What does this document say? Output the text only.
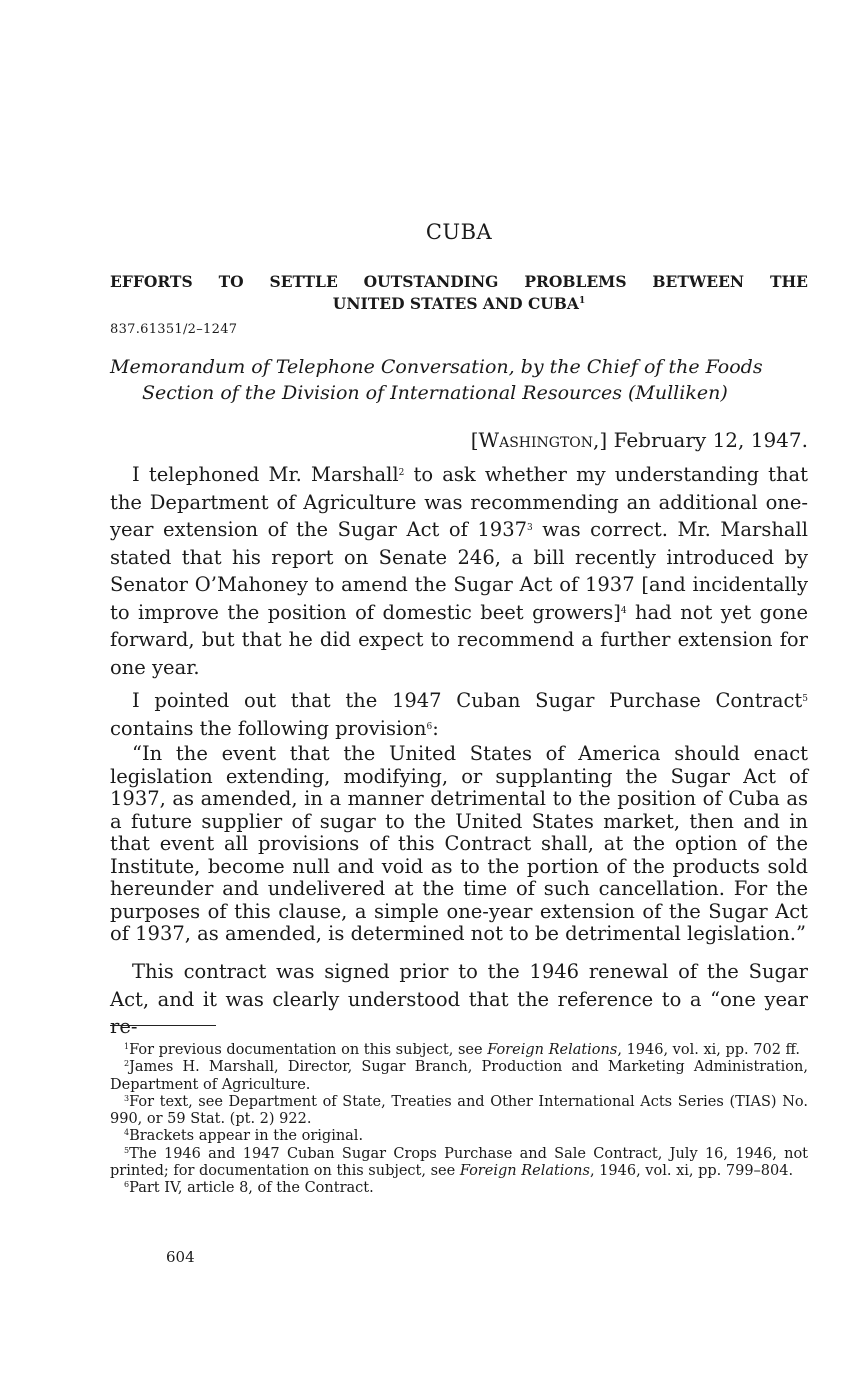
CUBA
EFFORTS TO SETTLE OUTSTANDING PROBLEMS BETWEEN THE
UNITED STATES AND CUBA$^1$
837.61351/2–1247
Memorandum of Telephone Conversation, by the Chief of the Foods
Section of the Division of International Resources (Mulliken)
[Washington,] February 12, 1947.

I telephoned Mr. Marshall$^2$ to ask whether my understanding that the Department of Agriculture was recommending an additional one-year extension of the Sugar Act of 1937$^3$ was correct. Mr. Marshall stated that his report on Senate 246, a bill recently introduced by Senator O’Mahoney to amend the Sugar Act of 1937 [and incidentally to improve the position of domestic beet growers]$^4$ had not yet gone forward, but that he did expect to recommend a further extension for one year.

I pointed out that the 1947 Cuban Sugar Purchase Contract$^5$ contains the following provision$^6$:

“In the event that the United States of America should enact legislation extending, modifying, or supplanting the Sugar Act of 1937, as amended, in a manner detrimental to the position of Cuba as a future supplier of sugar to the United States market, then and in that event all provisions of this Contract shall, at the option of the Institute, become null and void as to the portion of the products sold hereunder and undelivered at the time of such cancellation. For the purposes of this clause, a simple one-year extension of the Sugar Act of 1937, as amended, is determined not to be detrimental legislation.”

This contract was signed prior to the 1946 renewal of the Sugar Act, and it was clearly understood that the reference to a “one year re-

$^1$For previous documentation on this subject, see Foreign Relations, 1946, vol. xi, pp. 702 ff.

$^2$James H. Marshall, Director, Sugar Branch, Production and Marketing Administration, Department of Agriculture.

$^3$For text, see Department of State, Treaties and Other International Acts Series (TIAS) No. 990, or 59 Stat. (pt. 2) 922.

$^4$Brackets appear in the original.

$^5$The 1946 and 1947 Cuban Sugar Crops Purchase and Sale Contract, July 16, 1946, not printed; for documentation on this subject, see Foreign Relations, 1946, vol. xi, pp. 799–804.

$^6$Part IV, article 8, of the Contract.

604
